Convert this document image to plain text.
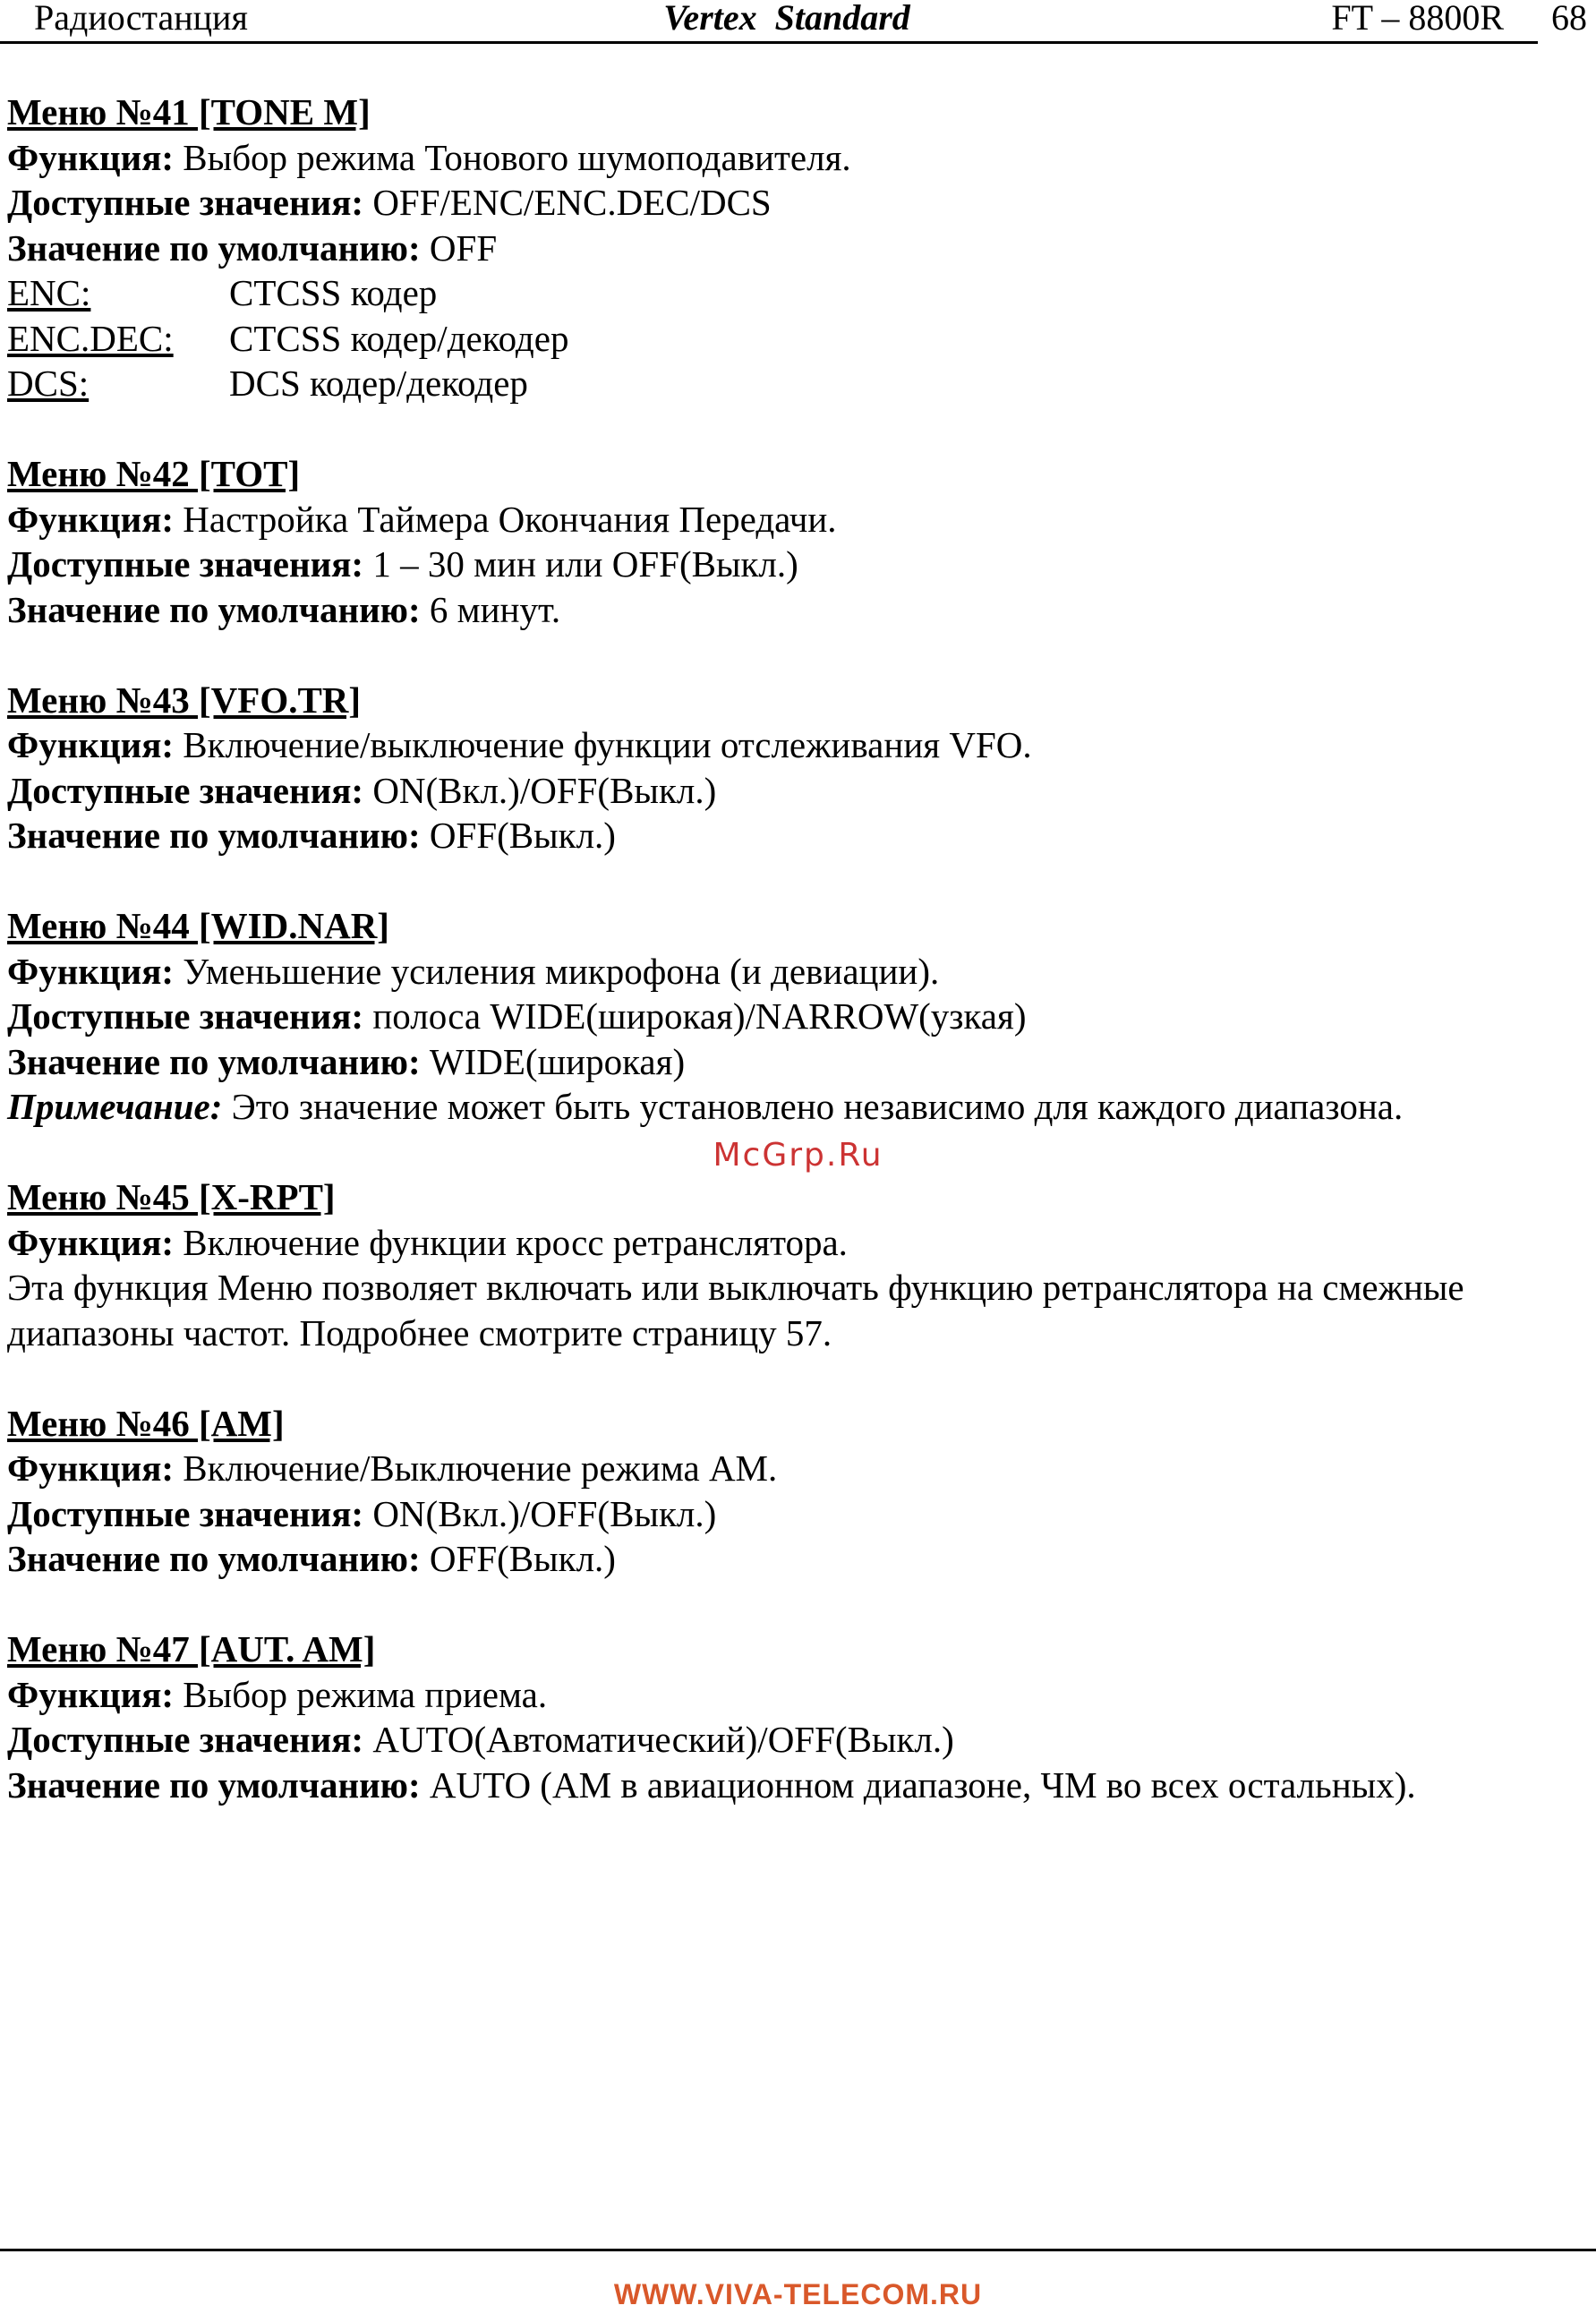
Радиостанция	Vertex Standard	FT – 8800R 68
Меню №41 [TONE M]
Функция: Выбор режима Тонового шумоподавителя.
Доступные значения: OFF/ENC/ENC.DEC/DCS
Значение по умолчанию: OFF
ENC:	CTCSS кодер
ENC.DEC: CTCSS кодер/декодер
DCS:	DCS кодер/декодер
Меню №42 [TOT]
Функция: Настройка Таймера Окончания Передачи.
Доступные значения: 1 – 30 мин или OFF(Выкл.)
Значение по умолчанию: 6 минут.
Меню №43 [VFO.TR]
Функция: Включение/выключение функции отслеживания VFO.
Доступные значения: ON(Вкл.)/OFF(Выкл.)
Значение по умолчанию: OFF(Выкл.)
Меню №44 [WID.NAR]
Функция: Уменьшение усиления микрофона (и девиации).
Доступные значения: полоса WIDE(широкая)/NARROW(узкая)
Значение по умолчанию: WIDE(широкая)
Примечание: Это значение может быть установлено независимо для каждого диапазона.
Меню №45 [X-RPT]
Функция: Включение функции кросс ретранслятора.
Эта функция Меню позволяет включать или выключать функцию ретранслятора на смежные диапазоны частот. Подробнее смотрите страницу 57.
Меню №46 [AM]
Функция: Включение/Выключение режима AM.
Доступные значения: ON(Вкл.)/OFF(Выкл.)
Значение по умолчанию: OFF(Выкл.)
Меню №47 [AUT. AM]
Функция: Выбор режима приема.
Доступные значения: AUTO(Автоматический)/OFF(Выкл.)
Значение по умолчанию: AUTO (AM в авиационном диапазоне, ЧМ во всех остальных).
McGrp.Ru
WWW.VIVA-TELECOM.RU
